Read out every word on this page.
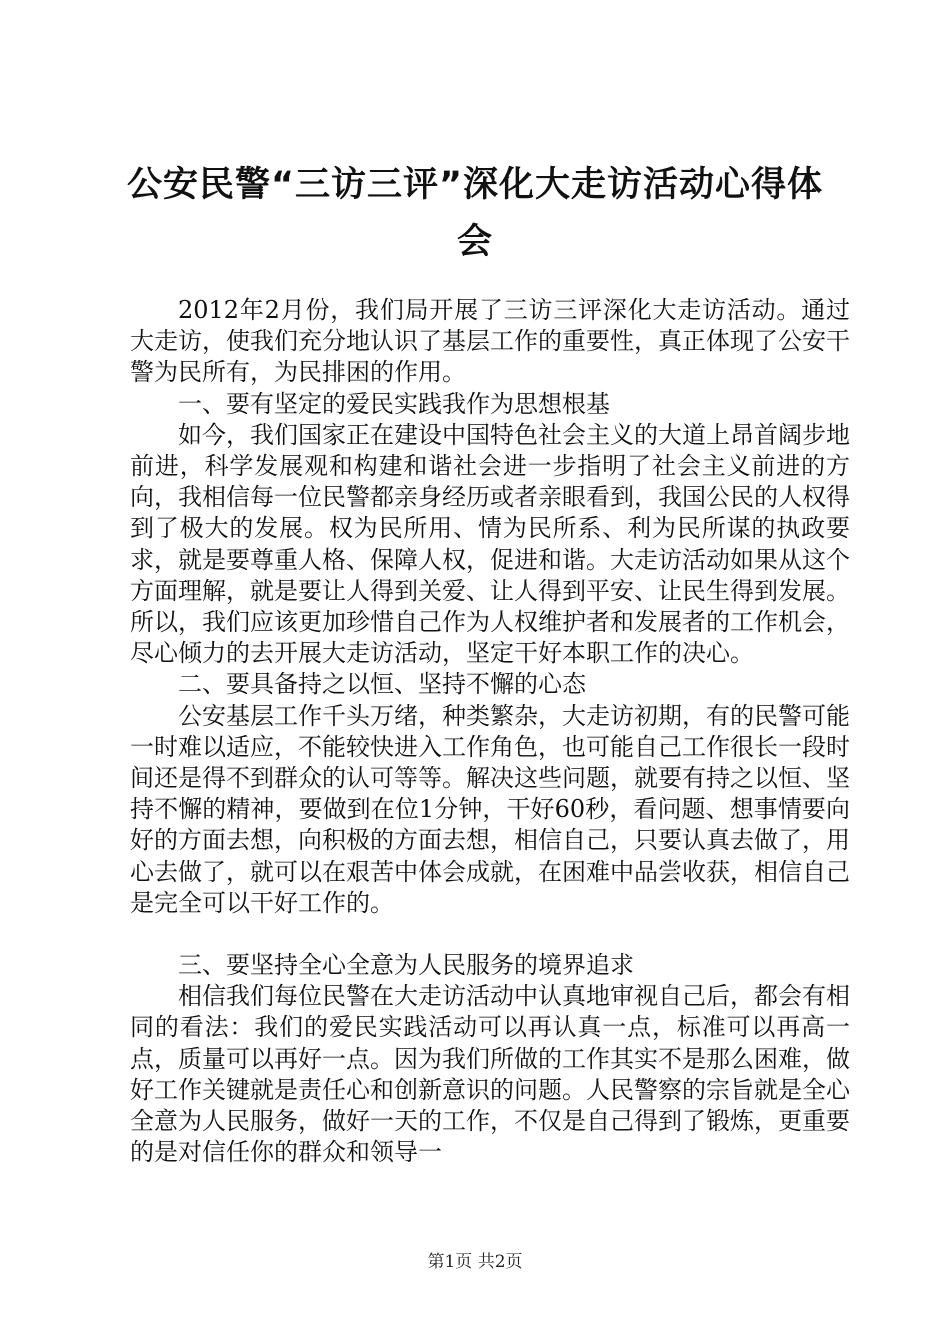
公安民警“三访三评”深化大走访活动心得体
会

2012年2月份，我们局开展了三访三评深化大走访活动。通过大走访，使我们充分地认识了基层工作的重要性，真正体现了公安干警为民所有，为民排困的作用。

一、要有坚定的爱民实践我作为思想根基

如今，我们国家正在建设中国特色社会主义的大道上昂首阔步地前进，科学发展观和构建和谐社会进一步指明了社会主义前进的方向，我相信每一位民警都亲身经历或者亲眼看到，我国公民的人权得到了极大的发展。权为民所用、情为民所系、利为民所谋的执政要求，就是要尊重人格、保障人权，促进和谐。大走访活动如果从这个方面理解，就是要让人得到关爱、让人得到平安、让民生得到发展。所以，我们应该更加珍惜自己作为人权维护者和发展者的工作机会，尽心倾力的去开展大走访活动，坚定干好本职工作的决心。

二、要具备持之以恒、坚持不懈的心态

公安基层工作千头万绪，种类繁杂，大走访初期，有的民警可能一时难以适应，不能较快进入工作角色，也可能自己工作很长一段时间还是得不到群众的认可等等。解决这些问题，就要有持之以恒、坚持不懈的精神，要做到在位1分钟，干好60秒，看问题、想事情要向好的方面去想，向积极的方面去想，相信自己，只要认真去做了，用心去做了，就可以在艰苦中体会成就，在困难中品尝收获，相信自己是完全可以干好工作的。

三、要坚持全心全意为人民服务的境界追求

相信我们每位民警在大走访活动中认真地审视自己后，都会有相同的看法：我们的爱民实践活动可以再认真一点，标准可以再高一点，质量可以再好一点。因为我们所做的工作其实不是那么困难，做好工作关键就是责任心和创新意识的问题。人民警察的宗旨就是全心全意为人民服务，做好一天的工作，不仅是自己得到了锻炼，更重要的是对信任你的群众和领导一

第1页 共2页
